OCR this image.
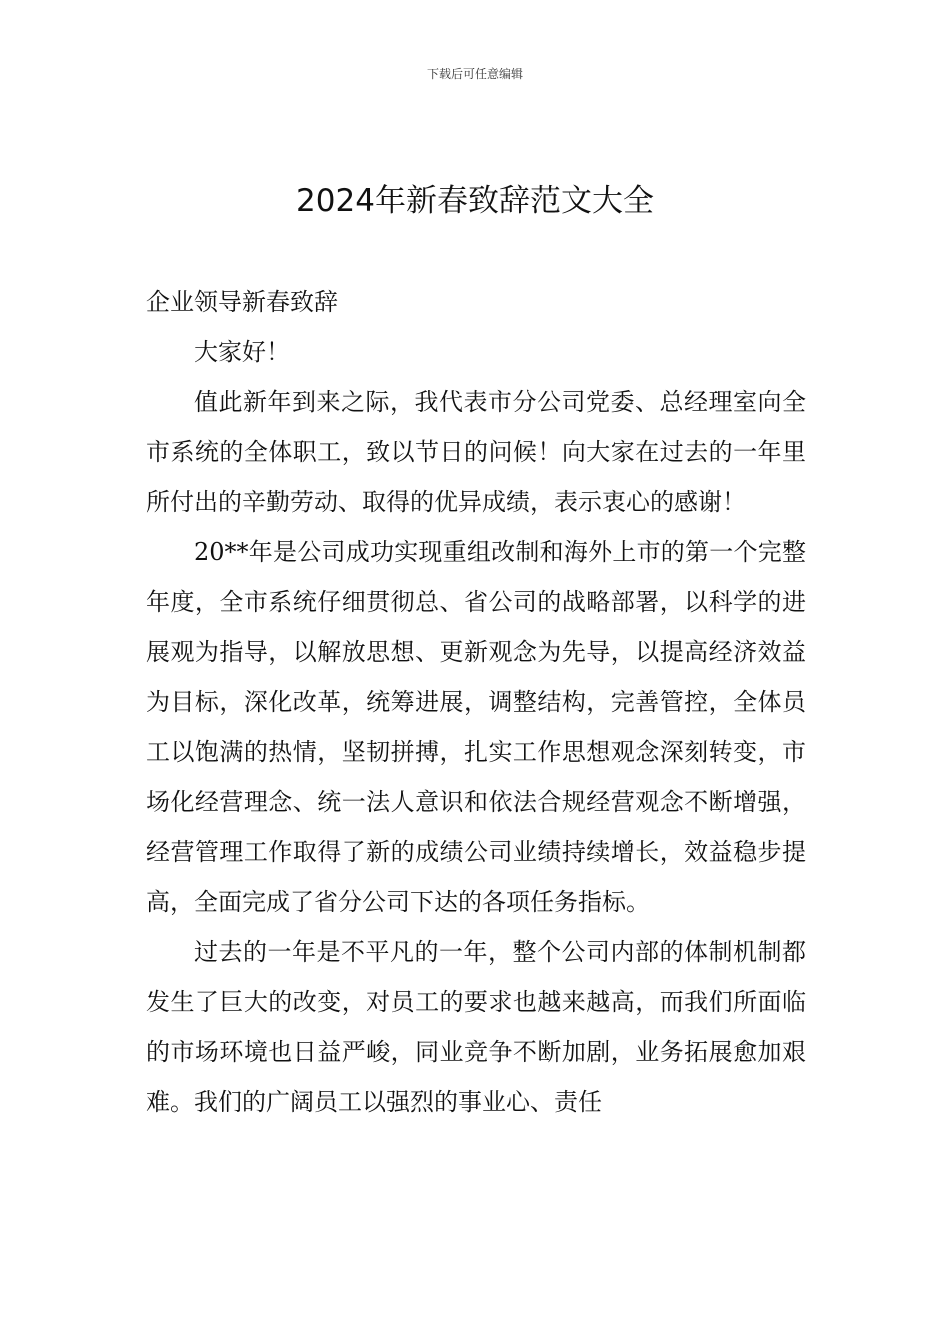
下载后可任意编辑
2024年新春致辞范文大全

企业领导新春致辞

大家好！

值此新年到来之际，我代表市分公司党委、总经理室向全市系统的全体职工，致以节日的问候！向大家在过去的一年里所付出的辛勤劳动、取得的优异成绩，表示衷心的感谢！

20**年是公司成功实现重组改制和海外上市的第一个完整年度，全市系统仔细贯彻总、省公司的战略部署，以科学的进展观为指导，以解放思想、更新观念为先导，以提高经济效益为目标，深化改革，统筹进展，调整结构，完善管控，全体员工以饱满的热情，坚韧拼搏，扎实工作思想观念深刻转变，市场化经营理念、统一法人意识和依法合规经营观念不断增强，经营管理工作取得了新的成绩公司业绩持续增长，效益稳步提高，全面完成了省分公司下达的各项任务指标。

过去的一年是不平凡的一年，整个公司内部的体制机制都发生了巨大的改变，对员工的要求也越来越高，而我们所面临的市场环境也日益严峻，同业竞争不断加剧，业务拓展愈加艰难。我们的广阔员工以强烈的事业心、责任
